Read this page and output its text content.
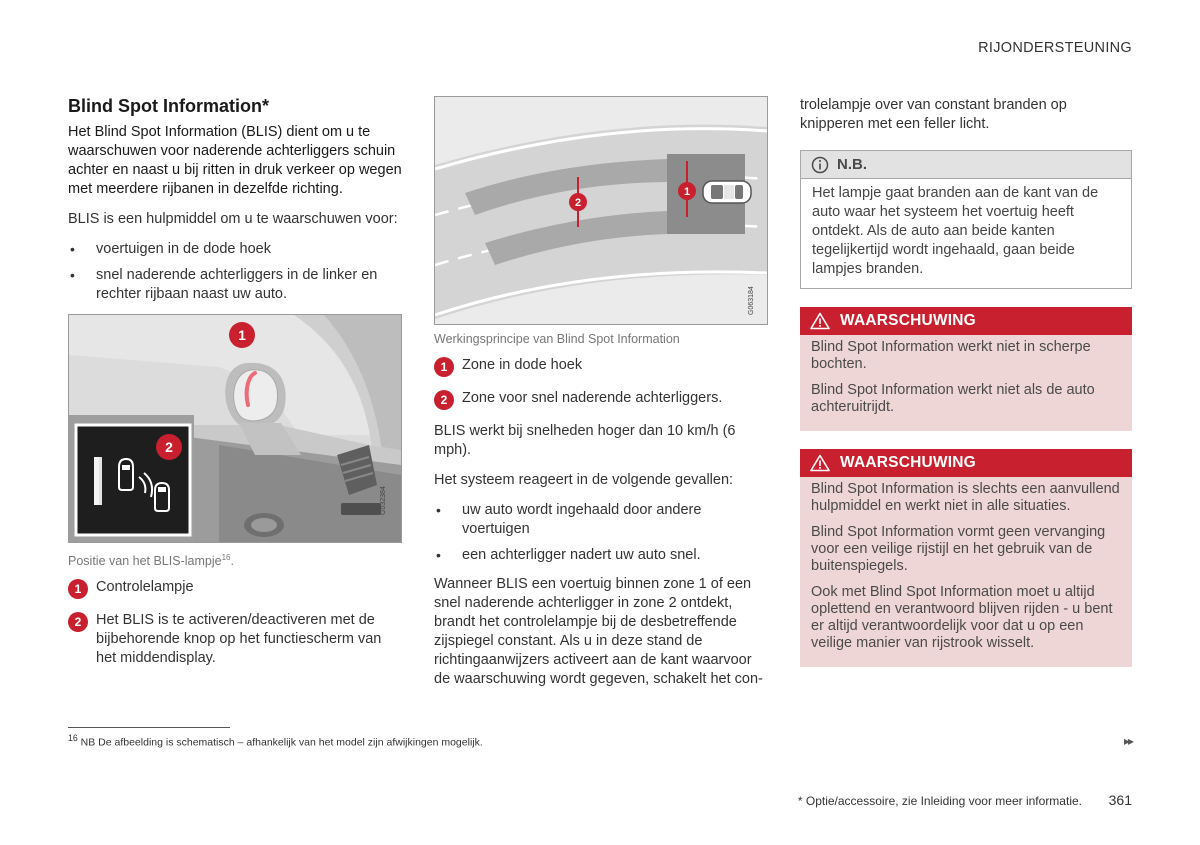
RIJONDERSTEUNING
Blind Spot Information*

Het Blind Spot Information (BLIS) dient om u te waarschuwen voor naderende achterliggers schuin achter en naast u bij ritten in druk verkeer op wegen met meerdere rijbanen in dezelfde richting.

BLIS is een hulpmiddel om u te waarschuwen voor:

• voertuigen in de dode hoek
• snel naderende achterliggers in de linker en rechter rijbaan naast uw auto.
1
2
G032384
Positie van het BLIS-lampje$^{16}$.
1	Controlelampje
2	Het BLIS is te activeren/deactiveren met de bijbehorende knop op het functiescherm van het middendisplay.
1
2
G063184
Werkingsprincipe van Blind Spot Information
1	Zone in dode hoek
2	Zone voor snel naderende achterliggers.

BLIS werkt bij snelheden hoger dan 10 km/h (6 mph).

Het systeem reageert in de volgende gevallen:

• uw auto wordt ingehaald door andere voertuigen
• een achterligger nadert uw auto snel.

Wanneer BLIS een voertuig binnen zone 1 of een snel naderende achterligger in zone 2 ontdekt, brandt het controlelampje bij de desbetreffende zijspiegel constant. Als u in deze stand de richtingaanwijzers activeert aan de kant waarvoor de waarschuwing wordt gegeven, schakelt het con-

trolelampje over van constant branden op knipperen met een feller licht.

N.B.
Het lampje gaat branden aan de kant van de auto waar het systeem het voertuig heeft ontdekt. Als de auto aan beide kanten tegelijkertijd wordt ingehaald, gaan beide lampjes branden.
WAARSCHUWING

Blind Spot Information werkt niet in scherpe bochten.

Blind Spot Information werkt niet als de auto achteruitrijdt.

WAARSCHUWING

Blind Spot Information is slechts een aanvullend hulpmiddel en werkt niet in alle situaties.

Blind Spot Information vormt geen vervanging voor een veilige rijstijl en het gebruik van de buitenspiegels.

Ook met Blind Spot Information moet u altijd oplettend en verantwoord blijven rijden - u bent er altijd verantwoordelijk voor dat u op een veilige manier van rijstrook wisselt.

$^{16}$ NB De afbeelding is schematisch – afhankelijk van het model zijn afwijkingen mogelijk.	▸▸
* Optie/accessoire, zie Inleiding voor meer informatie. 361
